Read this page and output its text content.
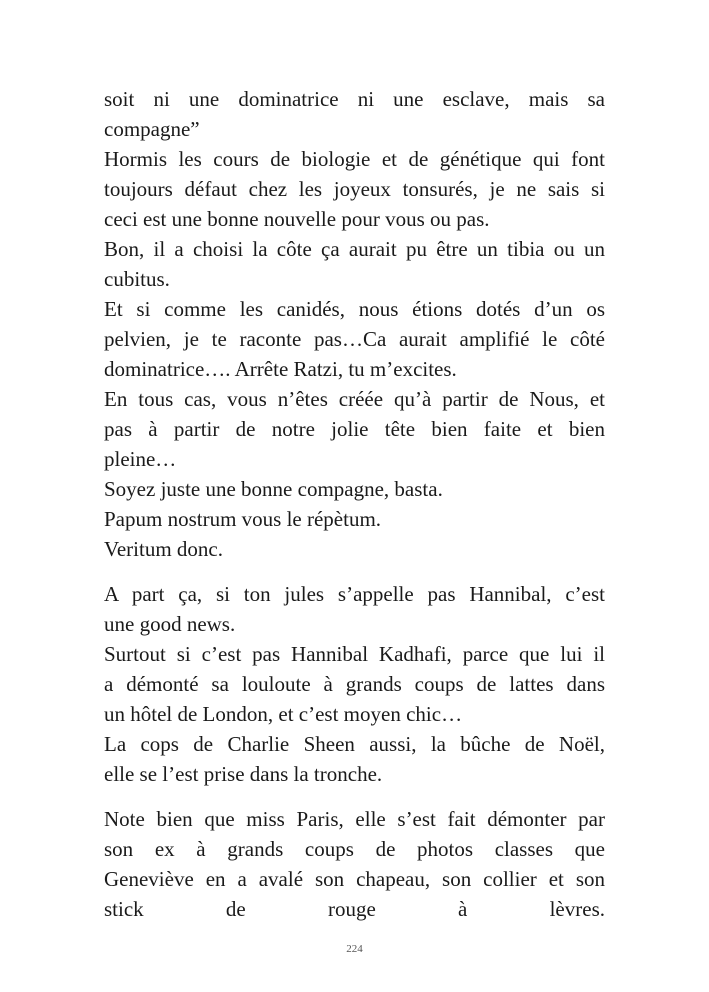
soit ni une dominatrice ni une esclave, mais sa
compagne”
Hormis les cours de biologie et de génétique qui font
toujours défaut chez les joyeux tonsurés, je ne sais si
ceci est une bonne nouvelle pour vous ou pas.
Bon, il a choisi la côte ça aurait pu être un tibia ou un
cubitus.
Et si comme les canidés, nous étions dotés d’un os
pelvien, je te raconte pas…Ca aurait amplifié le côté
dominatrice…. Arrête Ratzi, tu m’excites.
En tous cas, vous n’êtes créée qu’à partir de Nous, et
pas à partir de notre jolie tête bien faite et bien
pleine…
Soyez juste une bonne compagne, basta.
Papum nostrum vous le répètum.
Veritum donc.
A part ça, si ton jules s’appelle pas Hannibal, c’est
une good news.
Surtout si c’est pas Hannibal Kadhafi, parce que lui il
a démonté sa louloute à grands coups de lattes dans
un hôtel de London, et c’est moyen chic…
La cops de Charlie Sheen aussi, la bûche de Noël,
elle se l’est prise dans la tronche.
Note bien que miss Paris, elle s’est fait démonter par
son ex à grands coups de photos classes que
Geneviève en a avalé son chapeau, son collier et son
stick de rouge à lèvres.
224
